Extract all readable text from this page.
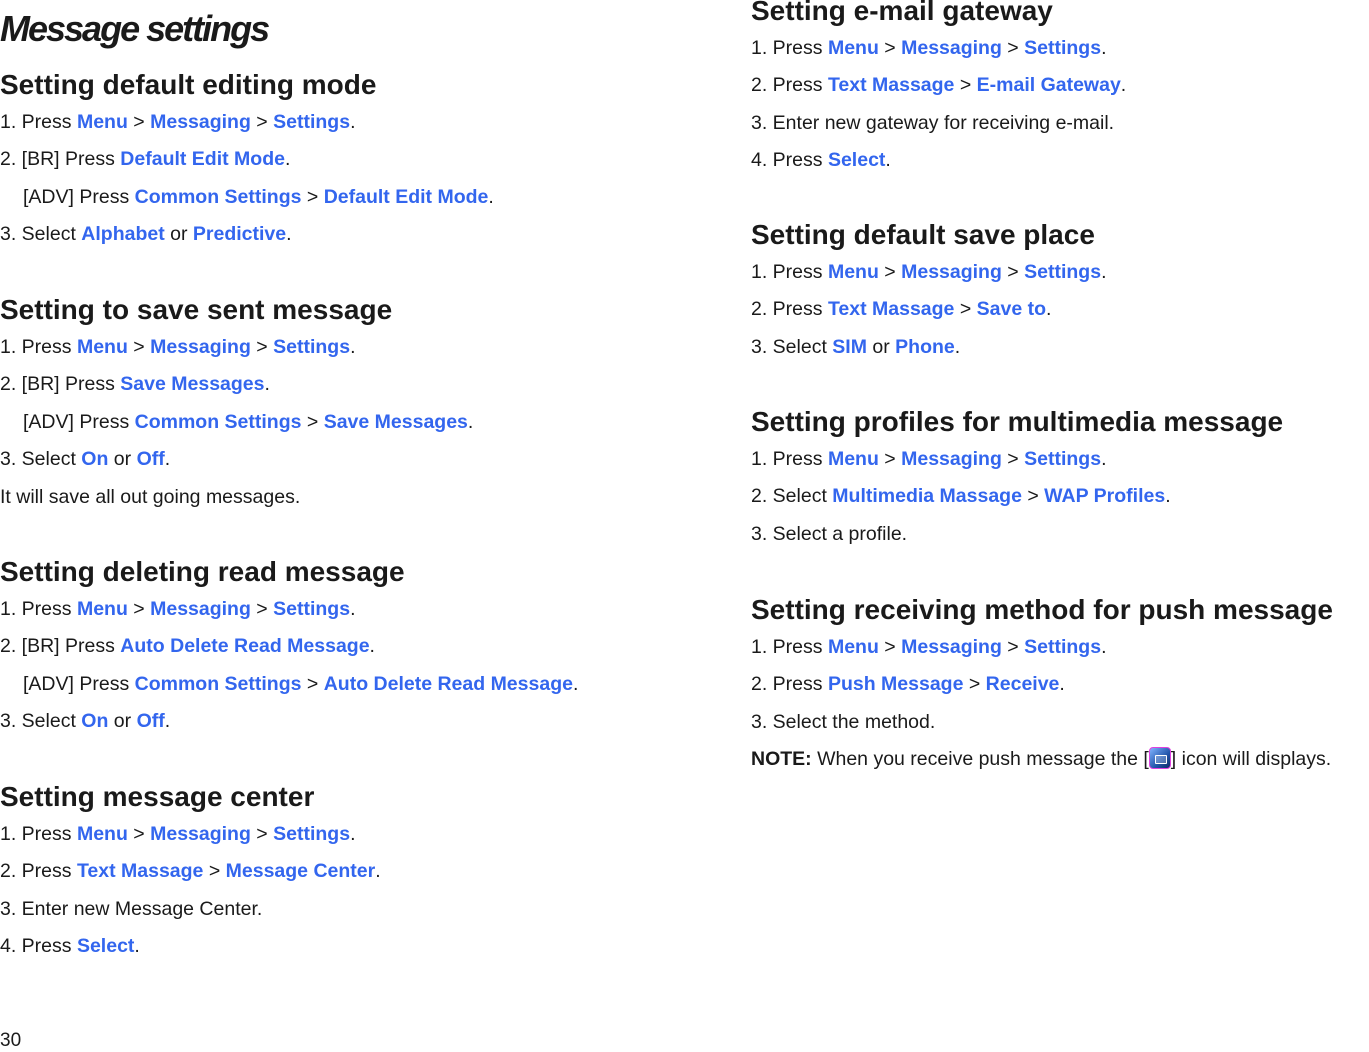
Message settings
Setting default editing mode
1. Press Menu > Messaging > Settings.
2. [BR] Press Default Edit Mode.
[ADV] Press Common Settings > Default Edit Mode.
3. Select Alphabet or Predictive.
Setting to save sent message
1. Press Menu > Messaging > Settings.
2. [BR] Press Save Messages.
[ADV] Press Common Settings > Save Messages.
3. Select On or Off.
It will save all out going messages.
Setting deleting read message
1. Press Menu > Messaging > Settings.
2. [BR] Press Auto Delete Read Message.
[ADV] Press Common Settings > Auto Delete Read Message.
3. Select On or Off.
Setting message center
1. Press Menu > Messaging > Settings.
2. Press Text Massage > Message Center.
3. Enter new Message Center.
4. Press Select.
Setting e-mail gateway
1. Press Menu > Messaging > Settings.
2. Press Text Massage > E-mail Gateway.
3. Enter new gateway for receiving e-mail.
4. Press Select.
Setting default save place
1. Press Menu > Messaging > Settings.
2. Press Text Massage > Save to.
3. Select SIM or Phone.
Setting profiles for multimedia message
1. Press Menu > Messaging > Settings.
2. Select Multimedia Massage > WAP Profiles.
3. Select a profile.
Setting receiving method for push message
1. Press Menu > Messaging > Settings.
2. Press Push Message > Receive.
3. Select the method.
NOTE: When you receive push message the [ ] icon will displays.
30
